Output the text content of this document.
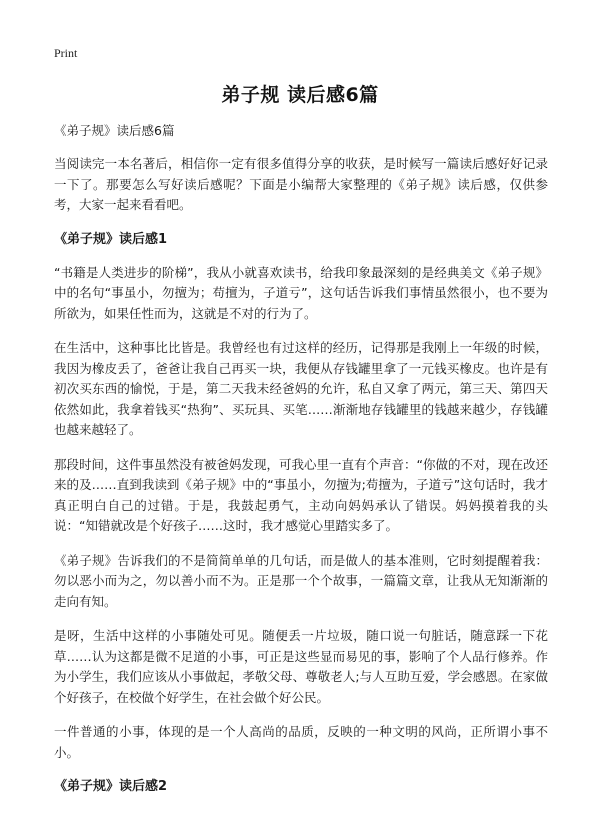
Print
弟子规 读后感6篇
《弟子规》读后感6篇
当阅读完一本名著后，相信你一定有很多值得分享的收获，是时候写一篇读后感好好记录一下了。那要怎么写好读后感呢？下面是小编帮大家整理的《弟子规》读后感，仅供参考，大家一起来看看吧。
《弟子规》读后感1
“书籍是人类进步的阶梯”，我从小就喜欢读书，给我印象最深刻的是经典美文《弟子规》中的名句“事虽小，勿擅为；苟擅为，子道亏”，这句话告诉我们事情虽然很小，也不要为所欲为，如果任性而为，这就是不对的行为了。
在生活中，这种事比比皆是。我曾经也有过这样的经历，记得那是我刚上一年级的时候，我因为橡皮丢了，爸爸让我自己再买一块，我便从存钱罐里拿了一元钱买橡皮。也许是有初次买东西的愉悦，于是，第二天我未经爸妈的允许，私自又拿了两元，第三天、第四天依然如此，我拿着钱买“热狗”、买玩具、买笔……渐渐地存钱罐里的钱越来越少，存钱罐也越来越轻了。
那段时间，这件事虽然没有被爸妈发现，可我心里一直有个声音：“你做的不对，现在改还来的及……直到我读到《弟子规》中的“事虽小，勿擅为;苟擅为，子道亏”这句话时，我才真正明白自己的过错。于是，我鼓起勇气，主动向妈妈承认了错误。妈妈摸着我的头说：“知错就改是个好孩子……这时，我才感觉心里踏实多了。
《弟子规》告诉我们的不是简简单单的几句话，而是做人的基本准则，它时刻提醒着我：勿以恶小而为之，勿以善小而不为。正是那一个个故事，一篇篇文章，让我从无知渐渐的走向有知。
是呀，生活中这样的小事随处可见。随便丢一片垃圾，随口说一句脏话，随意踩一下花草……认为这都是微不足道的小事，可正是这些显而易见的事，影响了个人品行修养。作为小学生，我们应该从小事做起，孝敬父母、尊敬老人;与人互助互爱，学会感恩。在家做个好孩子，在校做个好学生，在社会做个好公民。
一件普通的小事，体现的是一个人高尚的品质，反映的一种文明的风尚，正所谓小事不小。
《弟子规》读后感2
